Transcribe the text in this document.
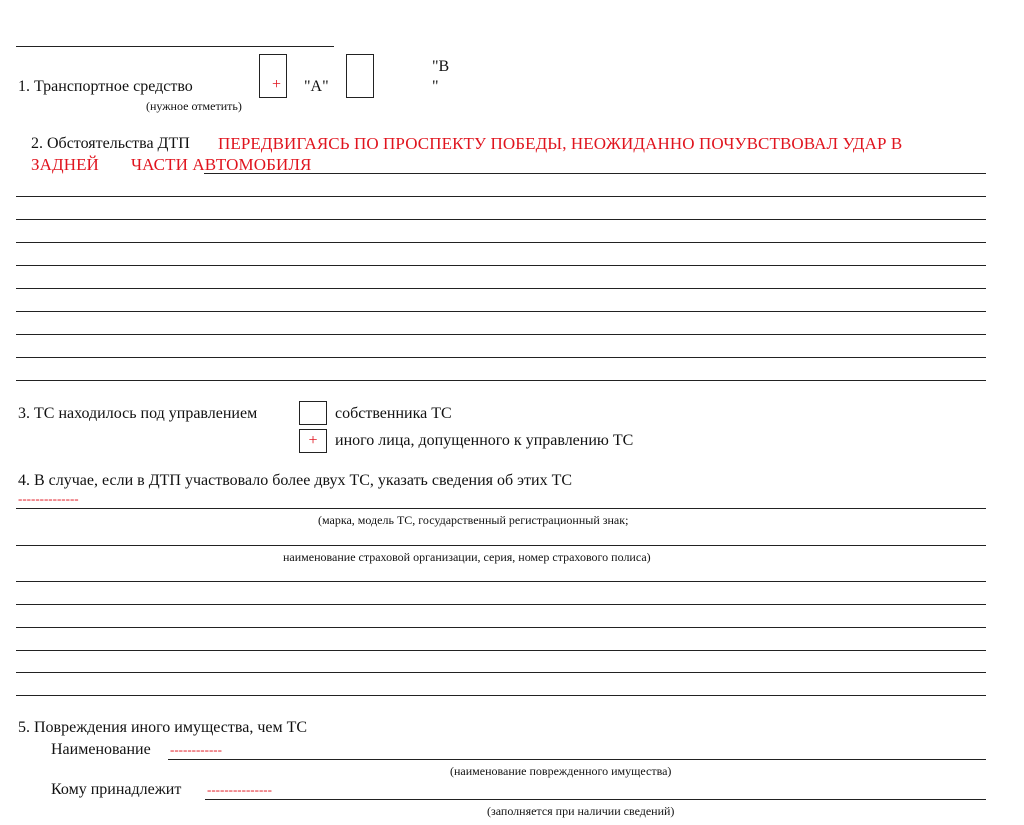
1. Транспортное средство	+	"А"
"В
"
(нужное отметить)
2. Обстоятельства ДТП ПЕРЕДВИГАЯСЬ ПО ПРОСПЕКТУ ПОБЕДЫ, НЕОЖИДАННО ПОЧУВСТВОВАЛ УДАР В
ЗАДНЕЙ ЧАСТИ АВТОМОБИЛЯ
3. ТС находилось под управлением	собственника ТС
+	иного лица, допущенного к управлению ТС
4. В случае, если в ДТП участвовало более двух ТС, указать сведения об этих ТС
--------------
(марка, модель ТС, государственный регистрационный знак;
наименование страховой организации, серия, номер страхового полиса)
5. Повреждения иного имущества, чем ТС
Наименование ------------
(наименование поврежденного имущества)
Кому принадлежит ---------------
(заполняется при наличии сведений)
